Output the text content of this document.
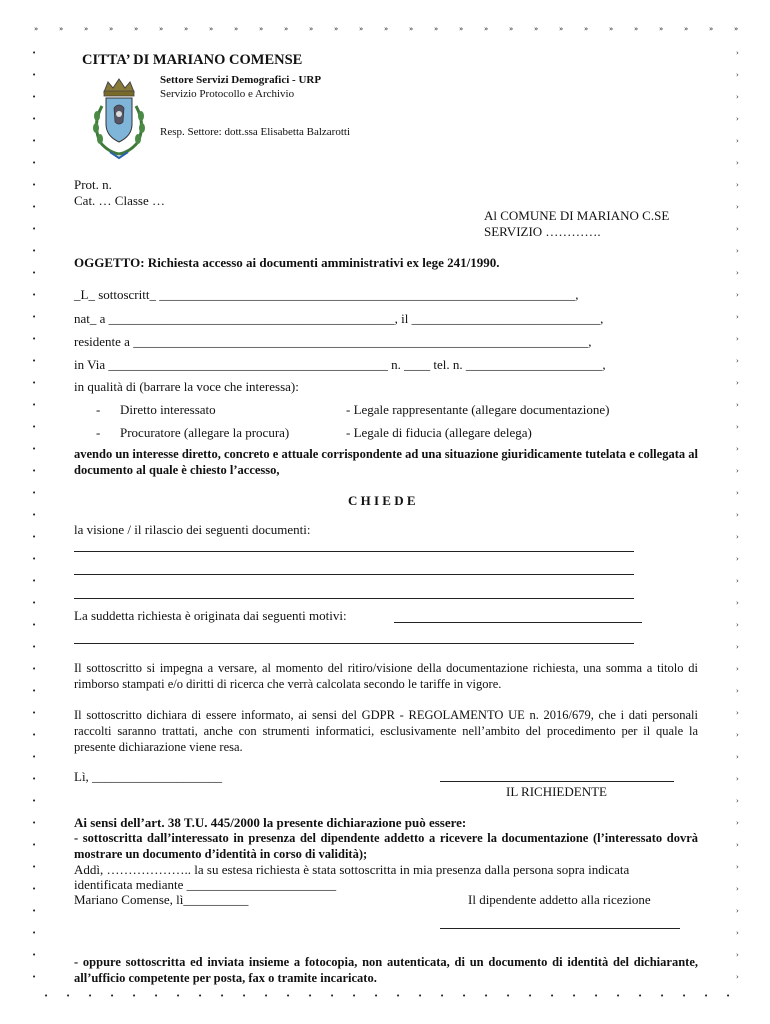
»	»	»	»	»	»	»	»	»	»	»	»	»	»	»	»	»	»	»	»	»	»	»	»	»	»	»	»	»
•	•	•	•	•	•	•	•	•	•	•	•	•	•	•	•	•	•	•	•	•	•	•	•	•	•	•	•	•	•	•	•
•	›
•	›
•	›
•	›
•	›
•	›
•	›
•	›
•	›
•	›
•	›
•	›
•	›
•	›
•	›
•	›
•	›
•	›
•	›
•	›
•	›
•	›
•	›
•	›
•	›
•	›
•	›
•	›
•	›
•	›
•	›
•	›
•	›
•	›
•	›
•	›
•	›
•	›
•	›
•	›
•	›
•	›
•	›
CITTA’ DI MARIANO COMENSE
Settore Servizi Demografici - URP
Servizio Protocollo e Archivio
Resp. Settore: dott.ssa Elisabetta Balzarotti
Prot. n.
Cat. … Classe …
Al COMUNE DI MARIANO C.SE
SERVIZIO ………….
OGGETTO: Richiesta accesso ai documenti amministrativi ex lege 241/1990.
_L_ sottoscritt_ ________________________________________________________________,
nat_ a ____________________________________________, il _____________________________,
residente a ______________________________________________________________________,
in Via ___________________________________________ n. ____ tel. n. _____________________,
in qualità di (barrare la voce che interessa):
- Diretto interessato	- Legale rappresentante (allegare documentazione)
- Procuratore (allegare la procura)	- Legale di fiducia (allegare delega)
avendo un interesse diretto, concreto e attuale corrispondente ad una situazione giuridicamente tutelata e collegata al documento al quale è chiesto l’accesso,
C H I E D E
la visione / il rilascio dei seguenti documenti:
La suddetta richiesta è originata dai seguenti motivi:
Il sottoscritto si impegna a versare, al momento del ritiro/visione della documentazione richiesta, una somma a titolo di rimborso stampati e/o diritti di ricerca che verrà calcolata secondo le tariffe in vigore.
Il sottoscritto dichiara di essere informato, ai sensi del GDPR - REGOLAMENTO UE n. 2016/679, che i dati personali raccolti saranno trattati, anche con strumenti informatici, esclusivamente nell’ambito del procedimento per il quale la presente dichiarazione viene resa.
Lì, ____________________
IL RICHIEDENTE
Ai sensi dell’art. 38 T.U. 445/2000 la presente dichiarazione può essere:
- sottoscritta dall’interessato in presenza del dipendente addetto a ricevere la documentazione (l’interessato dovrà mostrare un documento d’identità in corso di validità);
Addì, ……………….. la su estesa richiesta è stata sottoscritta in mia presenza dalla persona sopra indicata
identificata mediante _______________________
Mariano Comense, lì__________	Il dipendente addetto alla ricezione
- oppure sottoscritta ed inviata insieme a fotocopia, non autenticata, di un documento di identità del dichiarante, all’ufficio competente per posta, fax o tramite incaricato.
